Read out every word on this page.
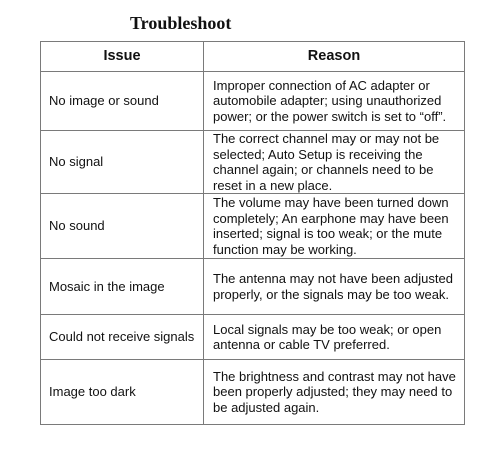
Troubleshoot
Issue	Reason
No image or sound	Improper connection of AC adapter or automobile adapter; using unauthorized power; or the power switch is set to “off”.
No signal	The correct channel may or may not be selected; Auto Setup is receiving the channel again; or channels need to be reset in a new place.
No sound	The volume may have been turned down completely; An earphone may have been inserted; signal is too weak; or the mute function may be working.
Mosaic in the image	The antenna may not have been adjusted properly, or the signals may be too weak.
Could not receive signals	Local signals may be too weak; or open antenna or cable TV preferred.
Image too dark	The brightness and contrast may not have been properly adjusted; they may need to be adjusted again.
